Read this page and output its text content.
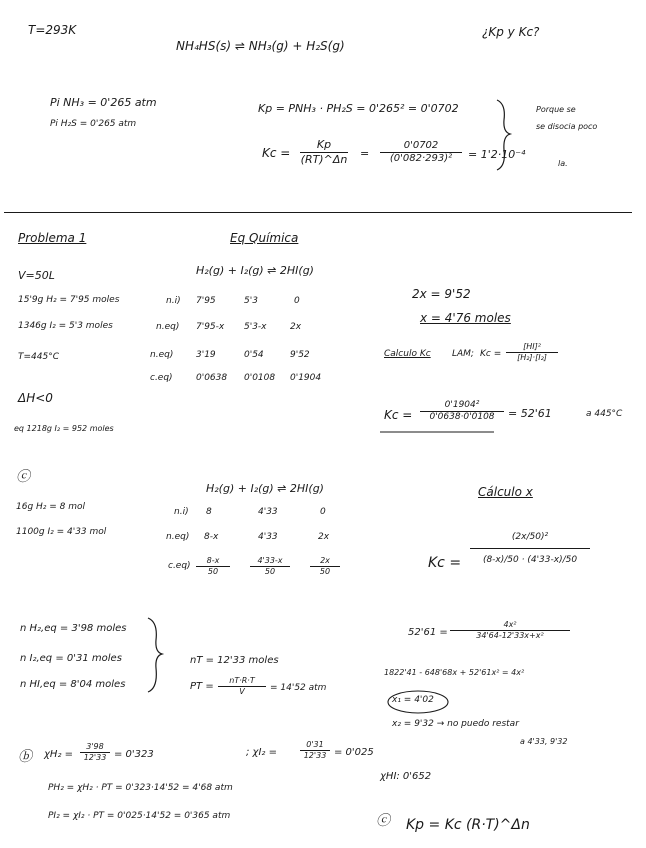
T=293K
NH₄HS(s) ⇌ NH₃(g) + H₂S(g)
¿Kp y Kc?
Pi NH₃ = 0'265 atm
Pi H₂S = 0'265 atm
Kp = PNH₃ · PH₂S = 0'265² = 0'0702
$Kc = \frac{Kp}{(RT)\^{}\Delta n} = \frac{0'0702}{\text{(0'082·293)²}} = 1'2\cdot 10^{-4}$
Porque se
se disocia poco
la.
Problema 1	Eq Química
V=50L	H₂(g) + I₂(g) ⇌ 2HI(g)
15'9g H₂ = 7'95 moles
1346g I₂ = 5'3 moles
T=445°C
ΔH<0
eq 1218g I₂ = 952 moles
n.i) 7'95	5'3	0
n.eq) 7'95-x 5'3-x	2x
n.eq)	3'19	0'54	9'52
c.eq)	0'0638 0'0108 0'1904
2x = 9'52
x = 4'76 moles
Calculo Kc LAM; $Kc = \frac{\text{[HI]²}}{\text{[H₂]·[I₂]}}$
$Kc = \frac{\text{0'1904²}}{0'0638\cdot 0'0108} = 52'61$	a 445°C
ⓒ
16g H₂ = 8 mol
1100g I₂ = 4'33 mol
H₂(g) + I₂(g) ⇌ 2HI(g)
n.i) 8	4'33	0
n.eq) 8-x	4'33	2x
$c.eq) \frac{8-x}{50}$	$\frac{4'33-x}{50}$	$\frac{2x}{50}$
Cálculo x
$Kc = \frac{\text{(2x/50)²}}{(8-x)/50 \cdot (4'33-x)/50}$
$52'61 = \frac{\text{4x²}}{\text{34'64-12'33x+x²}}$
1822'41 - 648'68x + 52'61x² = 4x²
x₁ = 4'02
x₂ = 9'32 → no puedo restar
a 4'33, 9'32
n H₂,eq = 3'98 moles
n I₂,eq = 0'31 moles
n HI,eq = 8'04 moles
nT = 12'33 moles
PT = $\frac{nT\cdot R\cdot T}{V} = 14'52$ atm
ⓑ $\chi H_2 = \frac{3'98}{12'33} = 0'323$	; χI₂ =	$\frac{0'31}{12'33} = 0'025$
χHI: 0'652
PH₂ = χH₂ · PT = 0'323·14'52 = 4'68 atm
PI₂ = χI₂ · PT = 0'025·14'52 = 0'365 atm	ⓒ Kp = Kc (R·T)^Δn
